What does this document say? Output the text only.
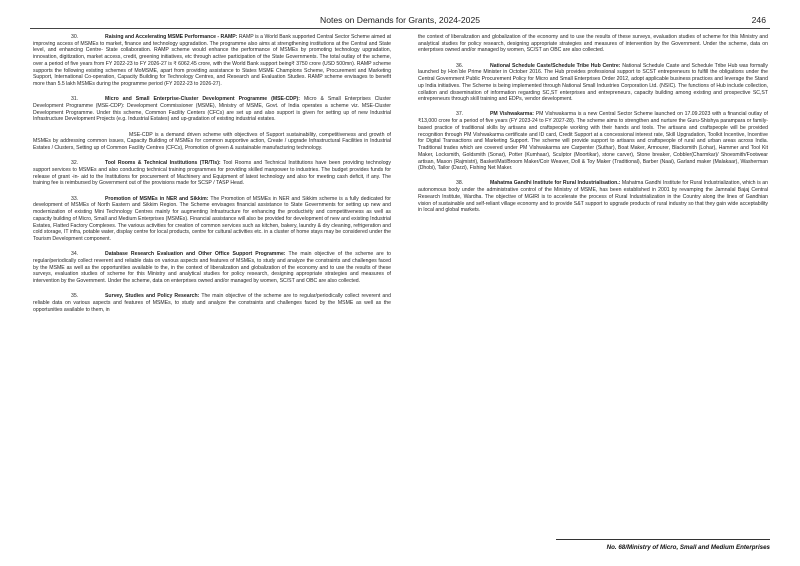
Notes on Demands for Grants, 2024-2025	246

30.	Raising and Accelerating MSME Performance - RAMP: RAMP is a World Bank supported Central Sector Scheme aimed at improving access of MSMEs to market, finance and technology upgradation. The programme also aims at strengthening institutions at the Central and State level, and enhancing Centre- State collaboration. RAMP scheme would enhance the performance of MSMEs by promoting technology upgradation, innovation, digitization, market access, credit, greening initiatives, etc through active participation of the State Governments. The total outlay of the scheme, over a period of five years from FY 2022-23 to FY 2026-27 is ₹ 6062.45 crore, with the World Bank support being₹ 3750 crore (USD 500mn). RAMP scheme supports the following existing schemes of MoMSME, apart from providing assistance to States MSME Champions Scheme, Procurement and Marketing Support, International Co-operation, Capacity Building for Technology Centres, and Research and Evaluation Studies. RAMP scheme envisages to benefit more than 5.5 lakh MSMEs during the programme period (FY 2022-23 to 2026-27).

31.	Micro and Small Enterprise-Cluster Development Programme (MSE-CDP): Micro & Small Enterprises Cluster Development Programme (MSE-CDP): Development Commissioner (MSME), Ministry of MSME, Govt. of India operates a scheme viz. MSE-Cluster Development Programme. Under this scheme, Common Facility Centers (CFCs) are set up and also support is given for setting up of new Industrial Infrastructure Development Projects (e.g. Industrial Estates) and up-gradation of existing industrial estates.

MSE-CDP is a demand driven scheme with objectives of Support sustainability, competitiveness and growth of MSMEs by addressing common issues, Capacity Building of MSMEs for common supportive action, Create / upgrade Infrastructural Facilities in Industrial Estates / Clusters, Setting up of Common Facility Centres (CFCs), Promotion of green & sustainable manufacturing technology.

32.	Tool Rooms & Technical Institutions (TR/TIs): Tool Rooms and Technical Institutions have been providing technology support services to MSMEs and also conducting technical training programmes for providing skilled manpower to industries. The budget provides funds for release of grant -in- aid to the Institutions for procurement of Machinery and Equipment of latest technology and also for meeting cash deficit, if any. The training fee is reimbursed by Government out of the provisions made for SCSP / TASP Head.

33.	Promotion of MSMEs in NER and Sikkim: The Promotion of MSMEs in NER and Sikkim scheme is a fully dedicated for development of MSMEs of North Eastern and Sikkim Region. The Scheme envisages financial assistance to State Governments for setting up new and modernization of existing Mini Technology Centres mainly for augmenting Infrastructure for enhancing the productivity and competitiveness as well as capacity building of Micro, Small and Medium Enterprises (MSMEs). Financial assistance will also be provided for development of new and existing Industrial Estates, Flatted Factory Complexes. The various activities for creation of common services such as kitchen, bakery, laundry & dry cleaning, refrigeration and cold storage, IT infra, potable water, display centre for local products, centre for cultural activities etc. in a cluster of home stays may be considered under the Tourism Development component.

34.	Database Research Evaluation and Other Office Support Programme: The main objective of the scheme are to regular/periodically collect reverent and reliable data on various aspects and features of MSMEs, to study and analyze the constraints and challenges faced by the MSME as well as the opportunities available to the, in the context of liberalization and globalization of the economy and to use the results of these surveys, evaluation studies of scheme for this Ministry and analytical studies for policy research, designing appropriate strategies and measures of intervention by the Government. Under the scheme, data on enterprises owned and/or managed by women, SC/ST and OBC are also collected.

35.	Survey, Studies and Policy Research: The main objective of the scheme are to regular/periodically collect reverent and reliable data on various aspects and features of MSMEs, to study and analyze the constraints and challenges faced by the MSME as well as the opportunities available to them, in

the context of liberalization and globalization of the economy and to use the results of these surveys, evaluation studies of scheme for this Ministry and analytical studies for policy research, designing appropriate strategies and measures of intervention by the Government. Under the scheme, data on enterprises owned and/or managed by women, SC/ST an OBC are also collected.

36.	National Schedule Caste/Schedule Tribe Hub Centre: National Schedule Caste and Schedule Tribe Hub was formally launched by Hon`ble Prime Minister in October 2016. The Hub provides professional support to SCST entrepreneurs to fulfill the obligations under the Central Government Public Procurement Policy for Micro and Small Enterprises Order 2012, adopt applicable business practices and leverage the Stand up India initiatives. The Scheme is being implemented through National Small Industries Corporation Ltd. (NSIC). The functions of Hub include collection, collation and dissemination of information regarding SC,ST enterprises and entrepreneurs, capacity building among existing and prospective SC,ST entrepreneurs through skill training and EDPs, vendor development.

37.	PM Vishwakarma: PM Vishwakarma is a new Central Sector Scheme launched on 17.09.2023 with a financial outlay of ₹13,000 crore for a period of five years (FY 2023-24 to FY 2027-28). The scheme aims to strengthen and nurture the Guru-Shishya parampara or family-based practice of traditional skills by artisans and craftspeople working with their hands and tools. The artisans and craftspeople will be provided recognition through PM Vishwakarma certificate and ID card, Credit Support at a concessional interest rate, Skill Upgradation, Toolkit Incentive, Incentive for Digital Transactions and Marketing Support. The scheme will provide support to artisans and craftspeople of rural and urban areas across India. Traditional trades which are covered under PM Vishwakarma are Carpenter (Suthar), Boat Maker, Armourer, Blacksmith (Lohar), Hammer and Tool Kit Maker, Locksmith, Goldsmith (Sonar), Potter (Kumhaar), Sculptor (Moortikar), stone carver), Stone breaker, Cobbler(Charmkar)/ Shoesmith/Footwear artisan, Mason (Rajmistri), Basket/Mat/Broom Maker/Coir Weaver, Doll & Toy Maker (Traditional), Barber (Naai), Garland maker (Malakaar), Washerman (Dhobi), Tailor (Darzi), Fishing Net Maker.

38.	Mahatma Gandhi Institute for Rural Industrialisation.: Mahatma Gandhi Institute for Rural Industrialization, which is an autonomous body under the administrative control of the Ministry of MSME, has been established in 2001 by revamping the Jamnalal Bajaj Central Research Institute, Wardha. The objective of MGIRI is to accelerate the process of Rural Industrialization in the Country along the lines of Gandhian vision of sustainable and self-reliant village economy and to provide S&T support to upgrade products of rural industry so that they gain wide acceptability in local and global markets.

No. 68/Ministry of Micro, Small and Medium Enterprises
